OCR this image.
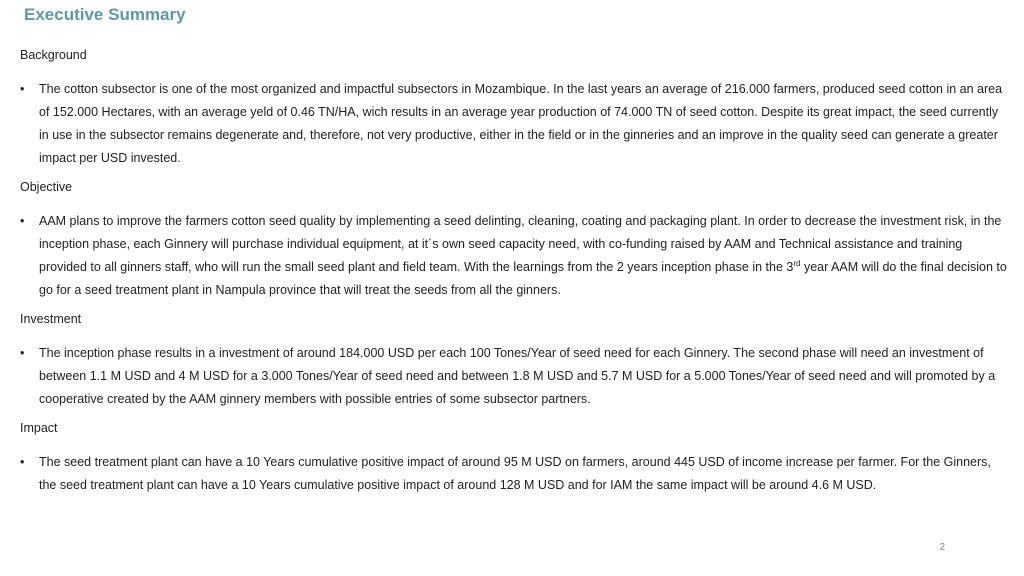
Executive Summary
Background
• The cotton subsector is one of the most organized and impactful subsectors in Mozambique. In the last years an average of 216.000 farmers, produced seed cotton in an area of 152.000 Hectares, with an average yeld of 0.46 TN/HA, wich results in an average year production of 74.000 TN of seed cotton. Despite its great impact, the seed currently in use in the subsector remains degenerate and, therefore, not very productive, either in the field or in the ginneries and an improve in the quality seed can generate a greater impact per USD invested.
Objective
• AAM plans to improve the farmers cotton seed quality by implementing a seed delinting, cleaning, coating and packaging plant. In order to decrease the investment risk, in the inception phase, each Ginnery will purchase individual equipment, at it´s own seed capacity need, with co-funding raised by AAM and Technical assistance and training provided to all ginners staff, who will run the small seed plant and field team. With the learnings from the 2 years inception phase in the 3rd year AAM will do the final decision to go for a seed treatment plant in Nampula province that will treat the seeds from all the ginners.
Investment
• The inception phase results in a investment of around 184.000 USD per each 100 Tones/Year of seed need for each Ginnery. The second phase will need an investment of between 1.1 M USD and 4 M USD for a 3.000 Tones/Year of seed need and between 1.8 M USD and 5.7 M USD for a 5.000 Tones/Year of seed need and will promoted by a cooperative created by the AAM ginnery members with possible entries of some subsector partners.
Impact
• The seed treatment plant can have a 10 Years cumulative positive impact of around 95 M USD on farmers, around 445 USD of income increase per farmer. For the Ginners, the seed treatment plant can have a 10 Years cumulative positive impact of around 128 M USD and for IAM the same impact will be around 4.6 M USD.
2
